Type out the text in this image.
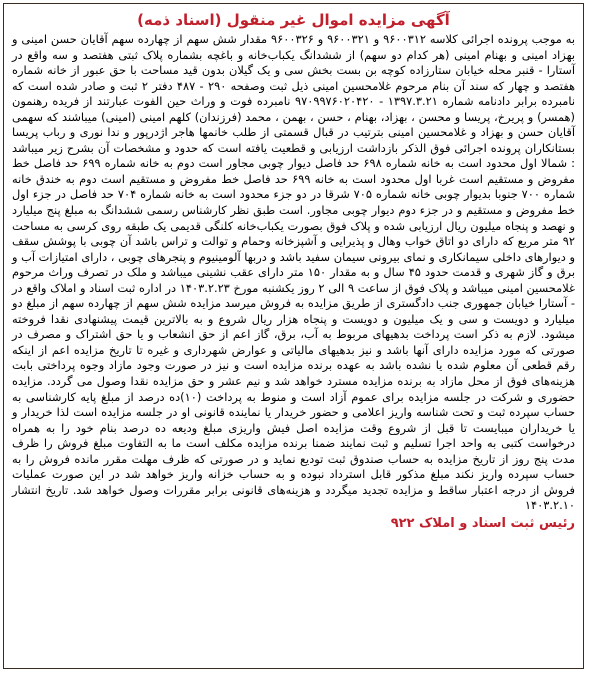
آگهی مزایده اموال غیر منقول (اسناد ذمه)

به موجب پرونده اجرائی کلاسه ۹۶۰۰۳۱۲ و ۹۶۰۰۳۲۱ و ۹۶۰۰۳۲۶ مقدار شش سهم از چهارده سهم آقایان حسن امینی و بهزاد امینی و بهنام امینی (هر کدام دو سهم) از ششدانگ یکباب‌خانه و باغچه بشماره پلاک ثبتی هفتصد و سه واقع در آستارا - قنبر محله خیابان ستارزاده کوچه بن بست بخش سی و یک گیلان بدون قید مساحت با حق عبور از خانه شماره هفتصد و چهار که سند آن بنام مرحوم غلامحسین امینی ذیل ثبت وصفحه ۲۹۰ - ۴۸۷ دفتر ۲ ثبت و صادر شده است که نامبرده برابر دادنامه شماره ۱۳۹۷.۳.۲۱ - ۹۷۰۹۹۷۶۰۲۰۴۲۰ نامبرده فوت و وراث حین الفوت عبارتند از فریده رهنمون (همسر) و پریرخ، پریسا و محسن ، بهزاد، بهنام ، حسن ، بهمن ، محمد (فرزندان) کلهم امینی (امینی) میباشند که سهمی آقایان حسن و بهزاد و غلامحسین امینی بترتیب در قبال قسمتی از طلب خانمها هاجر اژدرپور و ندا نوری و رباب پریسا بستانکاران پرونده اجرائی فوق الذکر بازداشت ارزیابی و قطعیت یافته است که حدود و مشخصات آن بشرح زیر میباشد : شمالا اول محدود است به خانه شماره ۶۹۸ حد فاصل دیوار چوبی مجاور است دوم به خانه شماره ۶۹۹ حد فاصل خط مفروض و مستقیم است غربا اول محدود است به خانه ۶۹۹ حد فاصل خط مفروض و مستقیم است دوم به خندق خانه شماره ۷۰۰ جنوبا بدیوار چوبی خانه شماره ۷۰۵ شرقا در دو جزء محدود است به خانه شماره ۷۰۴ حد فاصل در جزء اول خط مفروض و مستقیم و در جزء دوم دیوار چوبی مجاور. است طبق نظر کارشناس رسمی ششدانگ به مبلغ پنج میلیارد و نهصد و پنجاه میلیون ریال ارزیابی شده و پلاک فوق بصورت یکباب‌خانه کلنگی قدیمی یک طبقه روی کرسی به مساحت ۹۲ متر مربع که دارای دو اتاق خواب وهال و پذیرایی و آشپزخانه وحمام و توالت و تراس باشد آن چوبی با پوشش سقف و دیوارهای داخلی سیمانکاری و نمای بیرونی سیمان سفید باشد و دربها آلومینیوم و پنجرهای چوبی ، دارای امتیازات آب و برق و گاز شهری و قدمت حدود ۴۵ سال و به مقدار ۱۵۰ متر دارای عقب نشینی میباشد و ملک در تصرف وراث مرحوم غلامحسین امینی میباشد و پلاک فوق از ساعت ۹ الی ۲ روز یکشنبه مورخ ۱۴۰۳.۲.۲۳ در اداره ثبت اسناد و املاک واقع در - آستارا خیابان جمهوری جنب دادگستری از طریق مزایده به فروش میرسد مزایده شش سهم از چهارده سهم از مبلغ دو میلیارد و دویست و سی و یک میلیون و دویست و پنجاه هزار ریال شروع و به بالاترین قیمت پیشنهادی نقدا فروخته میشود. لازم به ذکر است پرداخت بدهیهای مربوط به آب، برق، گاز اعم از حق انشعاب و یا حق اشتراک و مصرف در صورتی که مورد مزایده دارای آنها باشد و نیز بدهیهای مالیاتی و عوارض شهرداری و غیره تا تاریخ مزایده اعم از اینکه رقم قطعی آن معلوم شده یا نشده باشد به عهده برنده مزایده است و نیز در صورت وجود مازاد وجوه پرداختی بابت هزینه‌های فوق از محل مازاد به برنده مزایده مسترد خواهد شد و نیم عشر و حق مزایده نقدا وصول می گردد. مزایده حضوری و شرکت در جلسه مزایده برای عموم آزاد است و منوط به پرداخت (۱۰)ده درصد از مبلغ پایه کارشناسی به حساب سپرده ثبت و تحت شناسه واریز اعلامی و حضور خریدار یا نماینده قانونی او در جلسه مزایده است لذا خریدار و یا خریداران میبایست تا قبل از شروع وقت مزایده اصل فیش واریزی مبلغ ودیعه ده درصد بنام خود را به همراه درخواست کتبی به واحد اجرا تسلیم و ثبت نمایند ضمنا برنده مزایده مکلف است ما به التفاوت مبلغ فروش را ظرف مدت پنج روز از تاریخ مزایده به حساب صندوق ثبت تودیع نماید و در صورتی که ظرف مهلت مقرر مانده فروش را به حساب سپرده واریز نکند مبلغ مذکور قابل استرداد نبوده و به حساب خزانه واریز خواهد شد در این صورت عملیات فروش از درجه اعتبار ساقط و مزایده تجدید میگردد و هزینه‌های قانونی برابر مقررات وصول خواهد شد. تاریخ انتشار ۱۴۰۳.۲.۱۰

رئیس ثبت اسناد و املاک ۹۲۲
